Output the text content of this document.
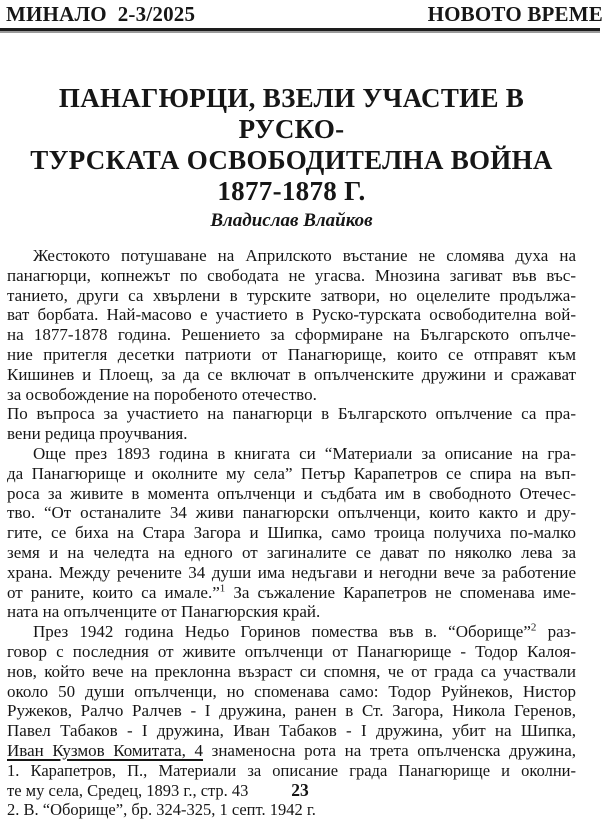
МИНАЛО  2-3/2025	НОВОТО ВРЕМЕ
ПАНАГЮРЦИ, ВЗЕЛИ УЧАСТИЕ В РУСКО-
ТУРСКАТА ОСВОБОДИТЕЛНА ВОЙНА
1877-1878 Г.
Владислав Влайков
Жестокото потушаване на Априлското въстание не сломява духа на
панагюрци, копнежът по свободата не угасва. Мнозина загиват във въс-
танието, други са хвърлени в турските затвори, но оцелелите продължа-
ват борбата. Най-масово е участието в Руско-турската освободителна вой-
на 1877-1878 година. Решението за сформиране на Българското опълче-
ние притегля десетки патриоти от Панагюрище, които се отправят към
Кишинев и Плоещ, за да се включат в опълченските дружини и сражават
за освобождение на поробеното отечество.
По въпроса за участието на панагюрци в Българското опълчение са пра-
вени редица проучвания.
Още през 1893 година в книгата си “Материали за описание на гра-
да Панагюрище и околните му села” Петър Карапетров се спира на въп-
роса за живите в момента опълченци и съдбата им в свободното Отечес-
тво. “От останалите 34 живи панагюрски опълченци, които както и дру-
гите, се биха на Стара Загора и Шипка, само троица получиха по-малко
земя и на челедта на едного от загиналите се дават по няколко лева за
храна. Между речените 34 души има недъгави и негодни вече за работение
от раните, които са имале.”$^1$ За съжаление Карапетров не споменава име-
ната на опълченците от Панагюрския край.
През 1942 година Недьо Горинов помества във в. “Оборище”$^2$ раз-
говор с последния от живите опълченци от Панагюрище - Тодор Калоя-
нов, който вече на преклонна възраст си спомня, че от града са участвали
около 50 души опълченци, но споменава само: Тодор Руйнеков, Нистор
Ружеков, Ралчо Ралчев - I дружина, ранен в Ст. Загора, Никола Геренов,
Павел Табаков - I дружина, Иван Табаков - I дружина, убит на Шипка,
Иван Кузмов Комитата, 4 знаменосна рота на трета опълченска дружина,
1. Карапетров, П., Материали за описание града Панагюрище и околни-
те му села, Средец, 1893 г., стр. 43
2. В. “Оборище”, бр. 324-325, 1 септ. 1942 г.
23
